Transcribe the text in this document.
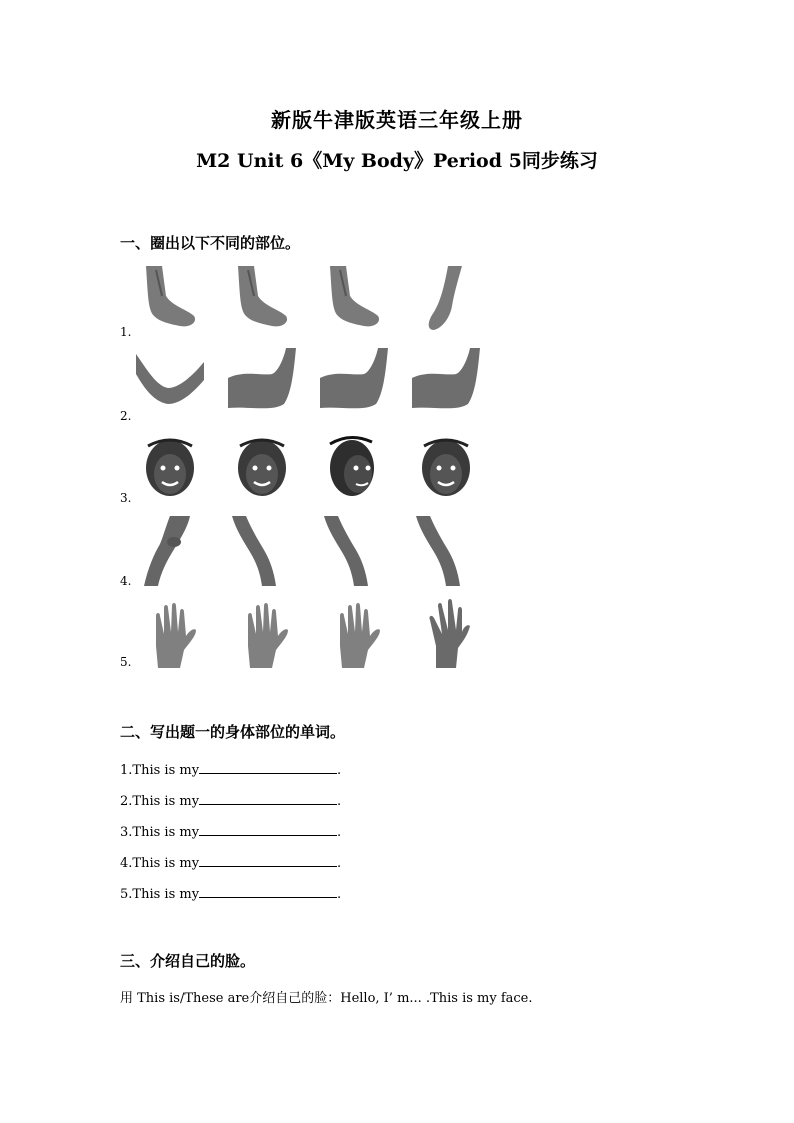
新版牛津版英语三年级上册
M2 Unit 6《My Body》Period 5同步练习
一、圈出以下不同的部位。
1.
2.
3.
4.
5.
二、写出题一的身体部位的单词。
1.This is my	.
2.This is my	.
3.This is my	.
4.This is my	.
5.This is my	.
三、介绍自己的脸。
用 This is/These are介绍自己的脸：Hello, I’ m... .This is my face.
